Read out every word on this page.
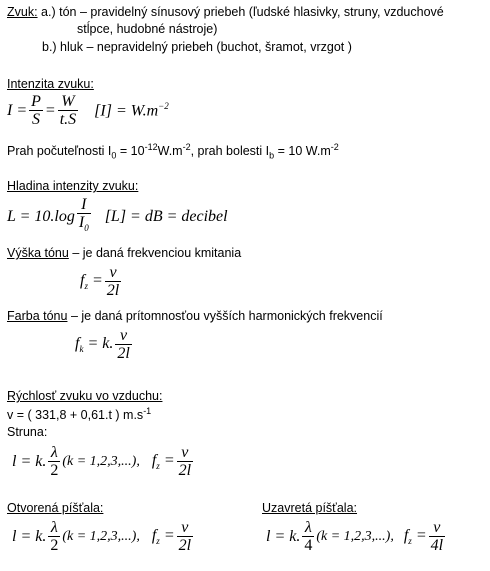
Zvuk: a.) tón – pravidelný sínusový priebeh (ľudské hlasivky, struny, vzduchové
stĺpce, hudobné nástroje)
b.) hluk – nepravidelný priebeh (buchot, šramot, vrzgot )
Intenzita zvuku:
$I = \frac{P}{S} = \frac{W}{t.S} [I] = W.m^{-2}$
Prah počuteľnosti $I_0 = 10^{-12}W.m^{-2}$, prah bolesti $I_b = 10$ $W.m^{-2}$
Hladina intenzity zvuku:
$L = 10.\log \frac{I}{I_0} [L]$ = dB = decibel
Výška tónu – je daná frekvenciou kmitania
$f_z = \frac{v}{2l}$
Farba tónu – je daná prítomnosťou vyšších harmonických frekvencií
$f_k = k$. $\frac{v}{2l}$
Rýchlosť zvuku vo vzduchu:
v = ( 331,8 + 0,61.t ) $m.s^{-1}$
Struna:
l = k. $\frac{\lambda}{2} (k = 1,2,3,...)$, $f_z = \frac{v}{2l}$
Otvorená píšťala:
l = k. $\frac{\lambda}{2} (k = 1,2,3,...)$, $f_z = \frac{v}{2l}$
Uzavretá píšťala:
l = k. $\frac{\lambda}{4} (k = 1,2,3,...)$, $f_z = \frac{v}{4l}$
